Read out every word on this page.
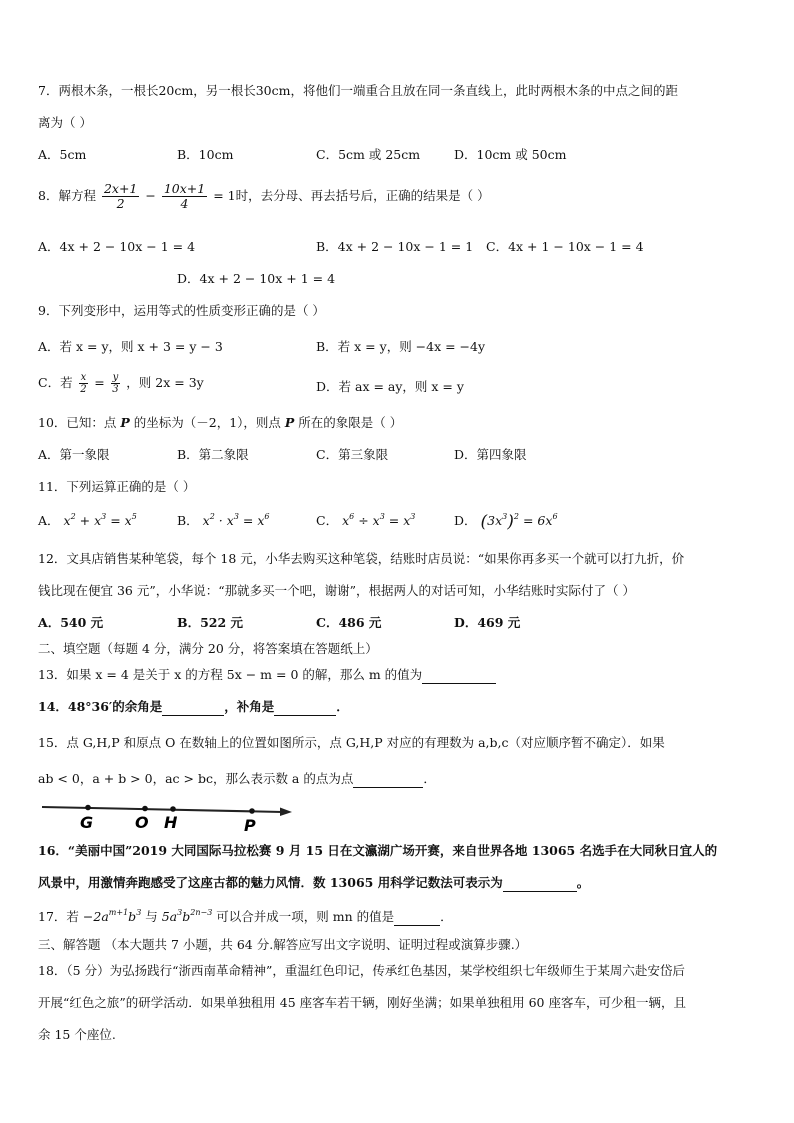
7．两根木条，一根长20cm，另一根长30cm，将他们一端重合且放在同一条直线上，此时两根木条的中点之间的距
离为（ ）
A．5cm	B．10cm	C．5cm 或 25cm	D．10cm 或 50cm
8．解方程 $\frac{2x+1}{2} - \frac{10x+1}{4} = 1$时，去分母、再去括号后，正确的结果是（ ）
A．4x + 2 − 10x − 1 = 4	B．4x + 2 − 10x − 1 = 1 C．4x + 1 − 10x − 1 = 4
D．4x + 2 − 10x + 1 = 4
9．下列变形中，运用等式的性质变形正确的是（ ）
A．若 x = y，则 x + 3 = y − 3	B．若 x = y，则 −4x = −4y
C．若 $\frac{x}{2} = \frac{y}{3}$ ，则 2x = 3y	D．若 ax = ay，则 x = y
10．已知：点 P 的坐标为（－2，1），则点 P 所在的象限是（ ）
A．第一象限	B．第二象限	C．第三象限	D．第四象限
11．下列运算正确的是（ ）
A． $x^2 + x^3 = x^5$	B． $x^2 \cdot x^3 = x^6$	C． $x^6 \div x^3 = x^3$	D． $(3x^3)^2 = 6x^6$
12．文具店销售某种笔袋，每个 18 元，小华去购买这种笔袋，结账时店员说：“如果你再多买一个就可以打九折，价
钱比现在便宜 36 元”，小华说：“那就多买一个吧，谢谢”，根据两人的对话可知，小华结账时实际付了（ ）
A．540 元	B．522 元	C．486 元	D．469 元
二、填空题（每题 4 分，满分 20 分，将答案填在答题纸上）
13．如果 x = 4 是关于 x 的方程 5x − m = 0 的解，那么 m 的值为
14．48°36′的余角是	，补角是	．
15．点 G,H,P 和原点 O 在数轴上的位置如图所示，点 G,H,P 对应的有理数为 a,b,c（对应顺序暂不确定）．如果
ab < 0，a + b > 0，ac > bc，那么表示数 a 的点为点	．
G	O H	P
16．“美丽中国”2019 大同国际马拉松赛 9 月 15 日在文瀛湖广场开赛，来自世界各地 13065 名选手在大同秋日宜人的
风景中，用激情奔跑感受了这座古都的魅力风情．数 13065 用科学记数法可表示为	。
17．若 $-2a^{m+1}b^3$ 与 $5a^3b^{2n-3}$ 可以合并成一项，则 mn 的值是	．
三、解答题 （本大题共 7 小题，共 64 分.解答应写出文字说明、证明过程或演算步骤.）
18．（5 分）为弘扬践行“浙西南革命精神”，重温红色印记，传承红色基因，某学校组织七年级师生于某周六赴安岱后
开展“红色之旅”的研学活动．如果单独租用 45 座客车若干辆，刚好坐满；如果单独租用 60 座客车，可少租一辆，且
余 15 个座位.
